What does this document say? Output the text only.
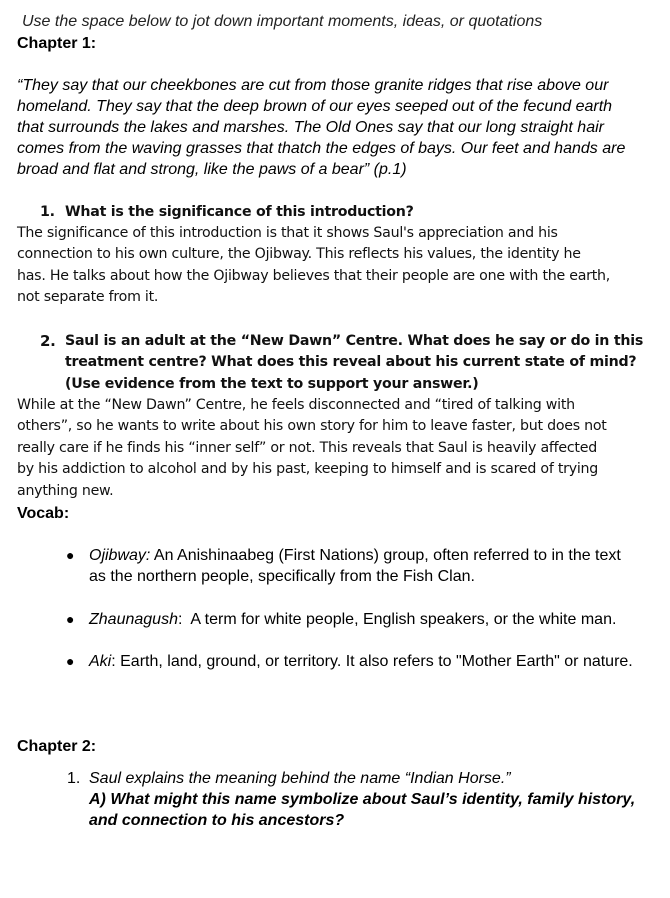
Use the space below to jot down important moments, ideas, or quotations
Chapter 1:
“They say that our cheekbones are cut from those granite ridges that rise above our
homeland. They say that the deep brown of our eyes seeped out of the fecund earth
that surrounds the lakes and marshes. The Old Ones say that our long straight hair
comes from the waving grasses that thatch the edges of bays. Our feet and hands are
broad and flat and strong, like the paws of a bear” (p.1)
1. What is the significance of this introduction?
The significance of this introduction is that it shows Saul's appreciation and his
connection to his own culture, the Ojibway. This reflects his values, the identity he
has. He talks about how the Ojibway believes that their people are one with the earth,
not separate from it.
2. Saul is an adult at the “New Dawn” Centre. What does he say or do in this
treatment centre? What does this reveal about his current state of mind?
(Use evidence from the text to support your answer.)
While at the “New Dawn” Centre, he feels disconnected and “tired of talking with
others”, so he wants to write about his own story for him to leave faster, but does not
really care if he finds his “inner self” or not. This reveals that Saul is heavily affected
by his addiction to alcohol and by his past, keeping to himself and is scared of trying
anything new.
Vocab:
● Ojibway: An Anishinaabeg (First Nations) group, often referred to in the text
as the northern people, specifically from the Fish Clan.
● Zhaunagush:  A term for white people, English speakers, or the white man.
● Aki: Earth, land, ground, or territory. It also refers to "Mother Earth" or nature.
Chapter 2:
1. Saul explains the meaning behind the name “Indian Horse.”
A) What might this name symbolize about Saul’s identity, family history,
and connection to his ancestors?
